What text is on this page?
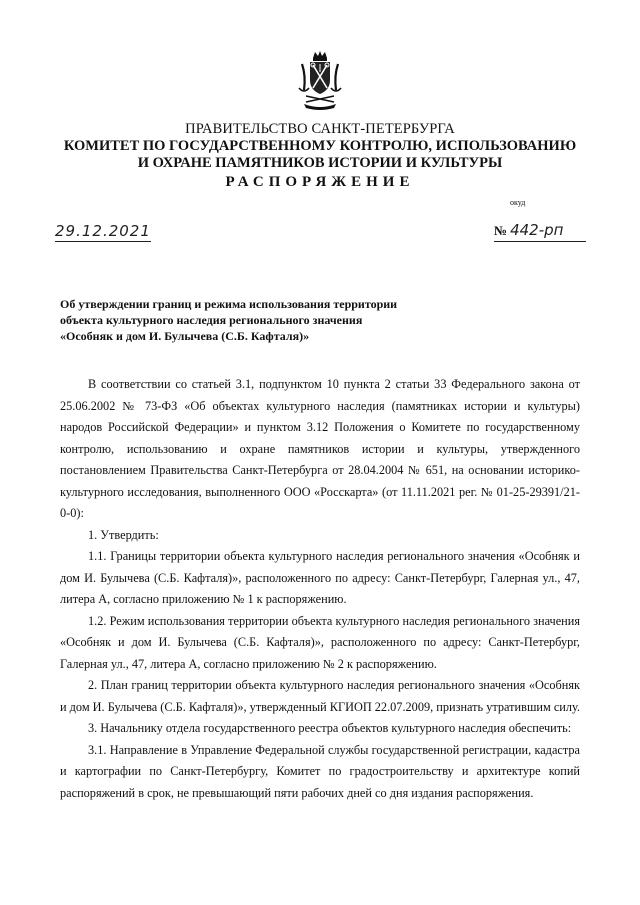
ПРАВИТЕЛЬСТВО САНКТ-ПЕТЕРБУРГА
КОМИТЕТ ПО ГОСУДАРСТВЕННОМУ КОНТРОЛЮ, ИСПОЛЬЗОВАНИЮ
И ОХРАНЕ ПАМЯТНИКОВ ИСТОРИИ И КУЛЬТУРЫ
РАСПОРЯЖЕНИЕ
окуд
29.12.2021	№ 442-рп
Об утверждении границ и режима использования территории
объекта культурного наследия регионального значения
«Особняк и дом И. Булычева (С.Б. Кафталя)»

В соответствии со статьей 3.1, подпунктом 10 пункта 2 статьи 33 Федерального закона от 25.06.2002 № 73-ФЗ «Об объектах культурного наследия (памятниках истории и культуры) народов Российской Федерации» и пунктом 3.12 Положения о Комитете по государственному контролю, использованию и охране памятников истории и культуры, утвержденного постановлением Правительства Санкт-Петербурга от 28.04.2004 № 651, на основании историко-культурного исследования, выполненного ООО «Росскарта» (от 11.11.2021 рег. № 01-25-29391/21-0-0):

1. Утвердить:

1.1. Границы территории объекта культурного наследия регионального значения «Особняк и дом И. Булычева (С.Б. Кафталя)», расположенного по адресу: Санкт-Петербург, Галерная ул., 47, литера А, согласно приложению № 1 к распоряжению.

1.2. Режим использования территории объекта культурного наследия регионального значения «Особняк и дом И. Булычева (С.Б. Кафталя)», расположенного по адресу: Санкт-Петербург, Галерная ул., 47, литера А, согласно приложению № 2 к распоряжению.

2. План границ территории объекта культурного наследия регионального значения «Особняк и дом И. Булычева (С.Б. Кафталя)», утвержденный КГИОП 22.07.2009, признать утратившим силу.

3. Начальнику отдела государственного реестра объектов культурного наследия обеспечить:

3.1. Направление в Управление Федеральной службы государственной регистрации, кадастра и картографии по Санкт-Петербургу, Комитет по градостроительству и архитектуре копий распоряжений в срок, не превышающий пяти рабочих дней со дня издания распоряжения.
